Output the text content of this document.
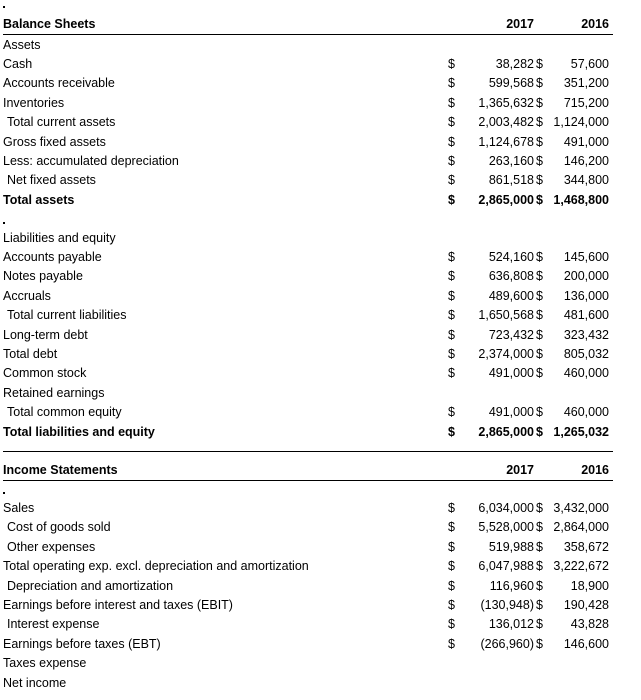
Balance Sheets	2017	2016
Assets
Cash	$	38,282 $ 57,600
Accounts receivable	$	599,568 $ 351,200
Inventories	$ 1,365,632 $ 715,200
Total current assets	$ 2,003,482 $ 1,124,000
Gross fixed assets	$ 1,124,678 $ 491,000
Less: accumulated depreciation	$	263,160 $ 146,200
Net fixed assets	$	861,518 $ 344,800
Total assets	$ 2,865,000 $ 1,468,800
Liabilities and equity
Accounts payable	$	524,160 $ 145,600
Notes payable	$	636,808 $ 200,000
Accruals	$	489,600 $ 136,000
Total current liabilities	$ 1,650,568 $ 481,600
Long-term debt	$	723,432 $ 323,432
Total debt	$ 2,374,000 $ 805,032
Common stock	$	491,000 $ 460,000
Retained earnings
Total common equity	$	491,000 $ 460,000
Total liabilities and equity	$ 2,865,000 $ 1,265,032
Income Statements	2017	2016
Sales	$ 6,034,000 $ 3,432,000
Cost of goods sold	$ 5,528,000 $ 2,864,000
Other expenses	$	519,988 $ 358,672
Total operating exp. excl. depreciation and amortization	$ 6,047,988 $ 3,222,672
Depreciation and amortization	$	116,960 $ 18,900
Earnings before interest and taxes (EBIT)	$ (130,948) $ 190,428
Interest expense	$	136,012 $ 43,828
Earnings before taxes (EBT)	$ (266,960) $ 146,600
Taxes expense
Net income
